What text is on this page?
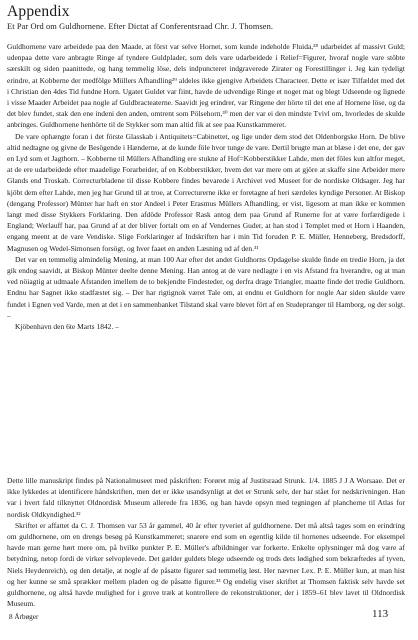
Appendix
Et Par Ord om Guldhornene. Efter Dictat af Conferentsraad Chr. J. Thomsen.

Guldhornene vare arbeidede paa den Maade, at först var selve Hornet, som kunde indeholde Fluida,²⁸ udarbeidet af massivt Guld; udenpaa dette vare anbragte Ringe af tyndere Guldplader, som dels vare udarbeidede i Relief=Figurer, hvoraf nogle vare stöbte særskilt og siden paanittede, og hang temmelig löse, dels indpuncteret indgraverede Zirater og Forestillinger i. Jeg kan tydeligt erindre, at Kobberne der medfölge Müllers Afhandling²⁹ aldeles ikke gjengive Arbeidets Characteer. Dette er især Tilfældet med det i Christian den 4des Tid fundne Horn. Ugatet Guldet var fiint, havde de udvendige Ringe et noget mat og blegt Udseende og lignede i visse Maader Arbeidet paa nogle af Guldbracteaterne. Saavidt jeg erindrer, var Ringene der hörte til det ene af Hornene löse, og da det blev fundet, stak den ene indeni den anden, omtrent som Pölsehorn,³⁰ men der var ei den mindste Tvivl om, hvorledes de skulde anbringes. Guldhornene henhörte til de Stykker som man altid fik at see paa Kunstkammeret.

De vare ophængte foran i det förste Glasskab i Antiquitets=Cabinettet, og lige under dem stod det Oldenborgske Horn. De blive altid nedtagne og givne de Besögende i Hænderne, at de kunde föle hvor tunge de vare. Dertil brugte man at blæse i det ene, der gav en Lyd som et Jagthorn. – Kobberne til Müllers Afhandling ere stukne af Hof=Kobberstikker Lahde, men det föles kun altfor meget, at de ere udarbeidede efter maadelige Forarbeider, af en Kobberstikker, hvem det var mere om at gjöre at skaffe sine Arbeider mere Glands end Troskab. Correcturbladene til disse Kobbere findes bevarede i Archivet ved Museet for de nordiske Oldsager. Jeg har kjöbt dem efter Lahde, men jeg har Grund til at troe, at Correcturerne ikke er foretagne af heri særdeles kyndige Personer. At Biskop (dengang Professor) Münter har haft en stor Andeel i Peter Erasmus Müllers Afhandling, er vist, ligesom at man ikke er kommen langt med disse Stykkers Forklaring. Den afdöde Professor Rask antog dem paa Grund af Runerne for at være forfærdigede i England; Werlauff har, paa Grund af at der bliver fortalt om en af Vendernes Guder, at han stod i Templet med et Horn i Haanden, engang meent at de vare Vendiske. Slige Forklaringer af Indskriften har i min Tid foruden P. E. Müller, Henneberg, Bredsdorff, Magnusen og Wedel-Simonsen forsögt, og hver faaet en anden Læsning ud af den.³¹

Det var en temmelig almindelig Mening, at man 100 Aar efter det andet Guldhorns Opdagelse skulde finde en tredie Horn, ja det gik endog saavidt, at Biskop Münter deelte denne Mening. Han antog at de vare nedlagte i en vis Afstand fra hverandre, og at man ved nöiagtig at udmaale Afstanden imellem de to bekjendte Findesteder, og derfra drage Triangler, maatte finde det tredie Guldhorn. Endnu har Sagnet ikke stadfæstet sig. – Der har rigtignok været Tale om, at endnu et Guldhorn for nogle Aar siden skulde være fundet i Egnen ved Varde, men at det i en sammenbanket Tilstand skal være blevet fört af en Studepranger til Hamborg, og der solgt. –

Kjöbenhavn den 6te Marts 1842. –

Dette lille manuskript findes på Nationalmuseet med påskriften: Forøret mig af Justitsraad Strunk. 1/4. 1885 J J A Worsaae. Det er ikke lykkedes at identificere håndskriften, men det er ikke usandsynligt at det er Strunk selv, der har stået for nedskrivningen. Han var i hvert fald tilknyttet Oldnordisk Museum allerede fra 1836, og han havde opsyn med tegningen af plancherne til Atlas for nordisk Oldkyndighed.³²

Skriftet er affattet da C. J. Thomsen var 53 år gammel, 40 år efter tyveriet af guldhornene. Det må altså tages som en erindring om guldhornene, om en drengs besøg på Kunstkammeret; snarere end som en egentlig kilde til hornenes udseende. For eksempel havde man gerne hørt mere om, på hvilke punkter P. E. Müller's afbildninger var forkerte. Enkelte oplysninger må dog være af betydning, netop fordi de virker selvoplevede. Det gælder guldets blege udseende og trods dets lødighed som bekræftedes af tyven, Niels Heydenreich), og den detalje, at nogle af de påsatte figurer sad temmelig løst. Her nævner Lex. P. E. Müller kun, at man hist og her kunne se små sprækker mellem pladen og de påsatte figurer.³³ Og endelig viser skriftet at Thomsen faktisk selv havde set guldhornene, og altså havde mulighed for i grove træk at kontrollere de rekonstruktioner, der i 1859–61 blev lavet til Oldnordisk Museum.

8 Årbøger	113
